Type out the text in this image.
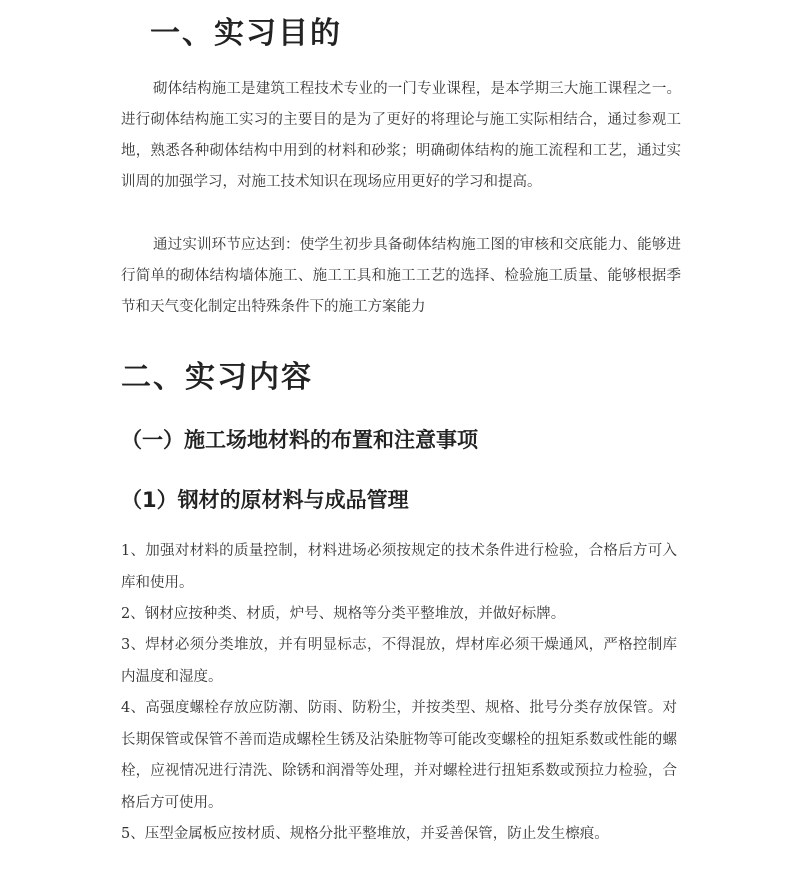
一、实习目的

砌体结构施工是建筑工程技术专业的一门专业课程，是本学期三大施工课程之一。进行砌体结构施工实习的主要目的是为了更好的将理论与施工实际相结合，通过参观工地，熟悉各种砌体结构中用到的材料和砂浆；明确砌体结构的施工流程和工艺，通过实训周的加强学习，对施工技术知识在现场应用更好的学习和提高。

通过实训环节应达到：使学生初步具备砌体结构施工图的审核和交底能力、能够进行简单的砌体结构墙体施工、施工工具和施工工艺的选择、检验施工质量、能够根据季节和天气变化制定出特殊条件下的施工方案能力

二、实习内容
（一）施工场地材料的布置和注意事项
（1）钢材的原材料与成品管理

1、加强对材料的质量控制，材料进场必须按规定的技术条件进行检验，合格后方可入库和使用。

2、钢材应按种类、材质，炉号、规格等分类平整堆放，并做好标牌。

3、焊材必须分类堆放，并有明显标志，不得混放，焊材库必须干燥通风，严格控制库内温度和湿度。

4、高强度螺栓存放应防潮、防雨、防粉尘，并按类型、规格、批号分类存放保管。对长期保管或保管不善而造成螺栓生锈及沾染脏物等可能改变螺栓的扭矩系数或性能的螺栓，应视情况进行清洗、除锈和润滑等处理，并对螺栓进行扭矩系数或预拉力检验，合格后方可使用。

5、压型金属板应按材质、规格分批平整堆放，并妥善保管，防止发生檫痕。
